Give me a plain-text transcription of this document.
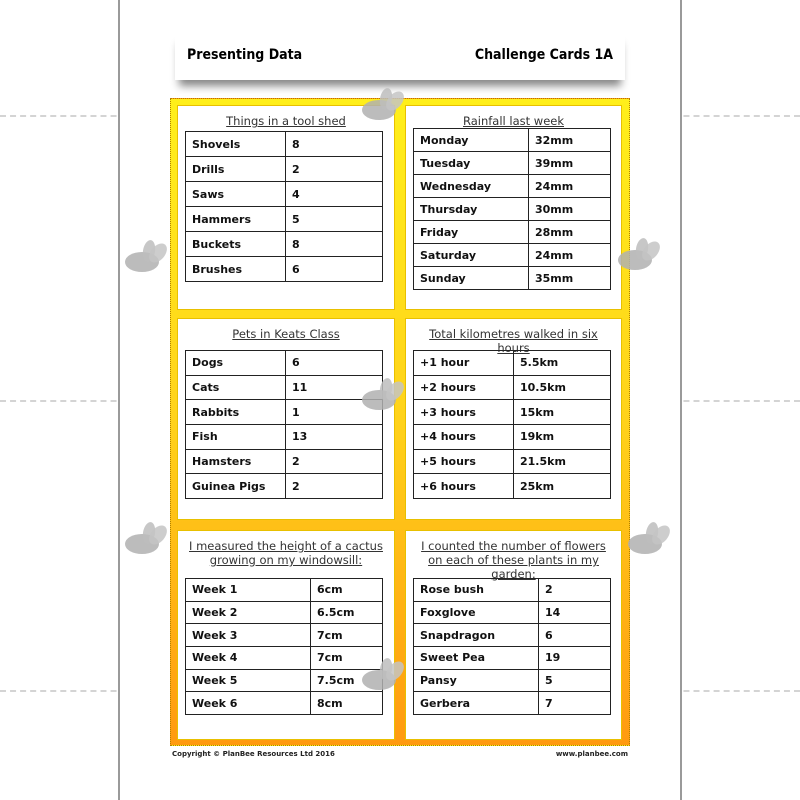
Presenting Data	Challenge Cards 1A
Things in a tool shed
Shovels	8
Drills	2
Saws	4
Hammers	5
Buckets	8
Brushes	6
Rainfall last week
Monday	32mm
Tuesday	39mm
Wednesday	24mm
Thursday	30mm
Friday	28mm
Saturday	24mm
Sunday	35mm
Pets in Keats Class
Dogs	6
Cats	11
Rabbits	1
Fish	13
Hamsters	2
Guinea Pigs	2
Total kilometres walked in six hours
+1 hour	5.5km
+2 hours	10.5km
+3 hours	15km
+4 hours	19km
+5 hours	21.5km
+6 hours	25km
I measured the height of a cactus growing on my windowsill:
Week 1	6cm
Week 2	6.5cm
Week 3	7cm
Week 4	7cm
Week 5	7.5cm
Week 6	8cm
I counted the number of flowers on each of these plants in my garden:
Rose bush	2
Foxglove	14
Snapdragon	6
Sweet Pea	19
Pansy	5
Gerbera	7
Copyright © PlanBee Resources Ltd 2016	www.planbee.com
